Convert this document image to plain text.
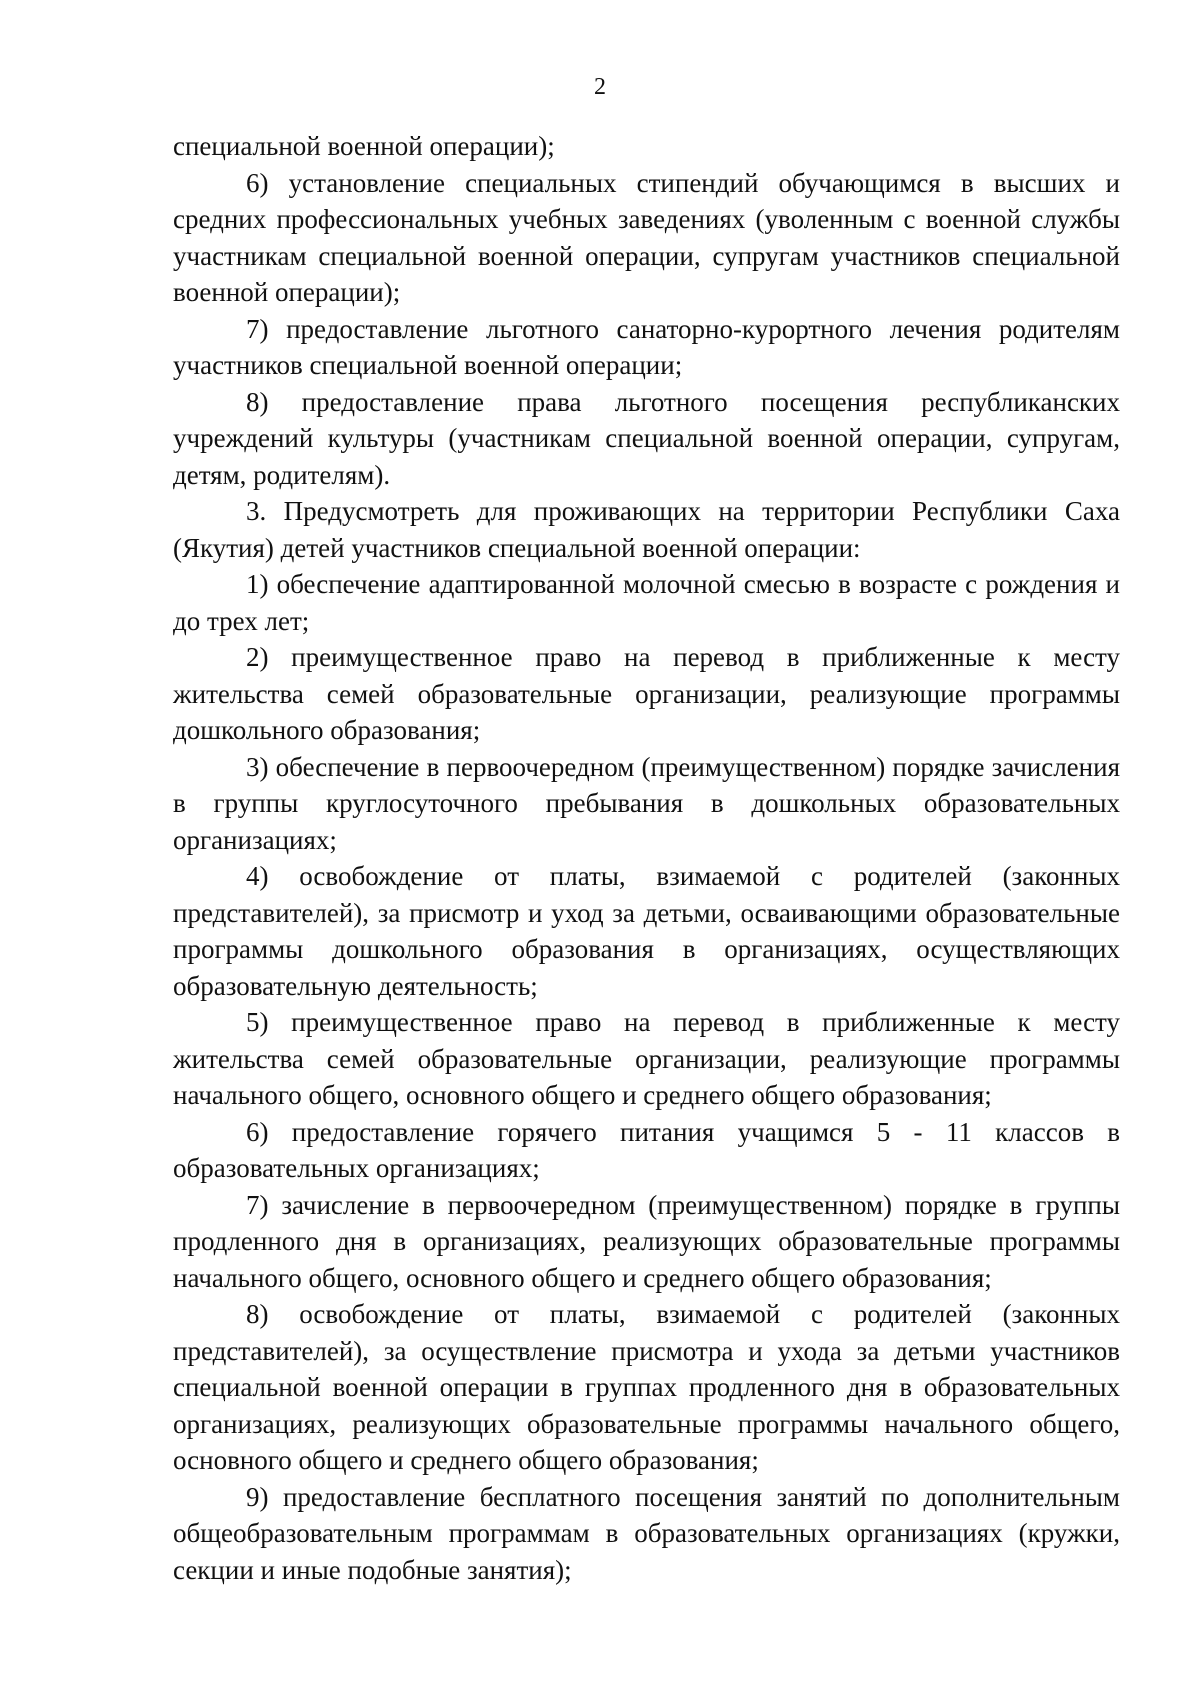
2

специальной военной операции);

6) установление специальных стипендий обучающимся в высших и средних профессиональных учебных заведениях (уволенным с военной службы участникам специальной военной операции, супругам участников специальной военной операции);

7) предоставление льготного санаторно-курортного лечения родителям участников специальной военной операции;

8) предоставление права льготного посещения республиканских учреждений культуры (участникам специальной военной операции, супругам, детям, родителям).

3. Предусмотреть для проживающих на территории Республики Саха (Якутия) детей участников специальной военной операции:

1) обеспечение адаптированной молочной смесью в возрасте с рождения и до трех лет;

2) преимущественное право на перевод в приближенные к месту жительства семей образовательные организации, реализующие программы дошкольного образования;

3) обеспечение в первоочередном (преимущественном) порядке зачисления в группы круглосуточного пребывания в дошкольных образовательных организациях;

4) освобождение от платы, взимаемой с родителей (законных представителей), за присмотр и уход за детьми, осваивающими образовательные программы дошкольного образования в организациях, осуществляющих образовательную деятельность;

5) преимущественное право на перевод в приближенные к месту жительства семей образовательные организации, реализующие программы начального общего, основного общего и среднего общего образования;

6) предоставление горячего питания учащимся 5 - 11 классов в образовательных организациях;

7) зачисление в первоочередном (преимущественном) порядке в группы продленного дня в организациях, реализующих образовательные программы начального общего, основного общего и среднего общего образования;

8) освобождение от платы, взимаемой с родителей (законных представителей), за осуществление присмотра и ухода за детьми участников специальной военной операции в группах продленного дня в образовательных организациях, реализующих образовательные программы начального общего, основного общего и среднего общего образования;

9) предоставление бесплатного посещения занятий по дополнительным общеобразовательным программам в образовательных организациях (кружки, секции и иные подобные занятия);
